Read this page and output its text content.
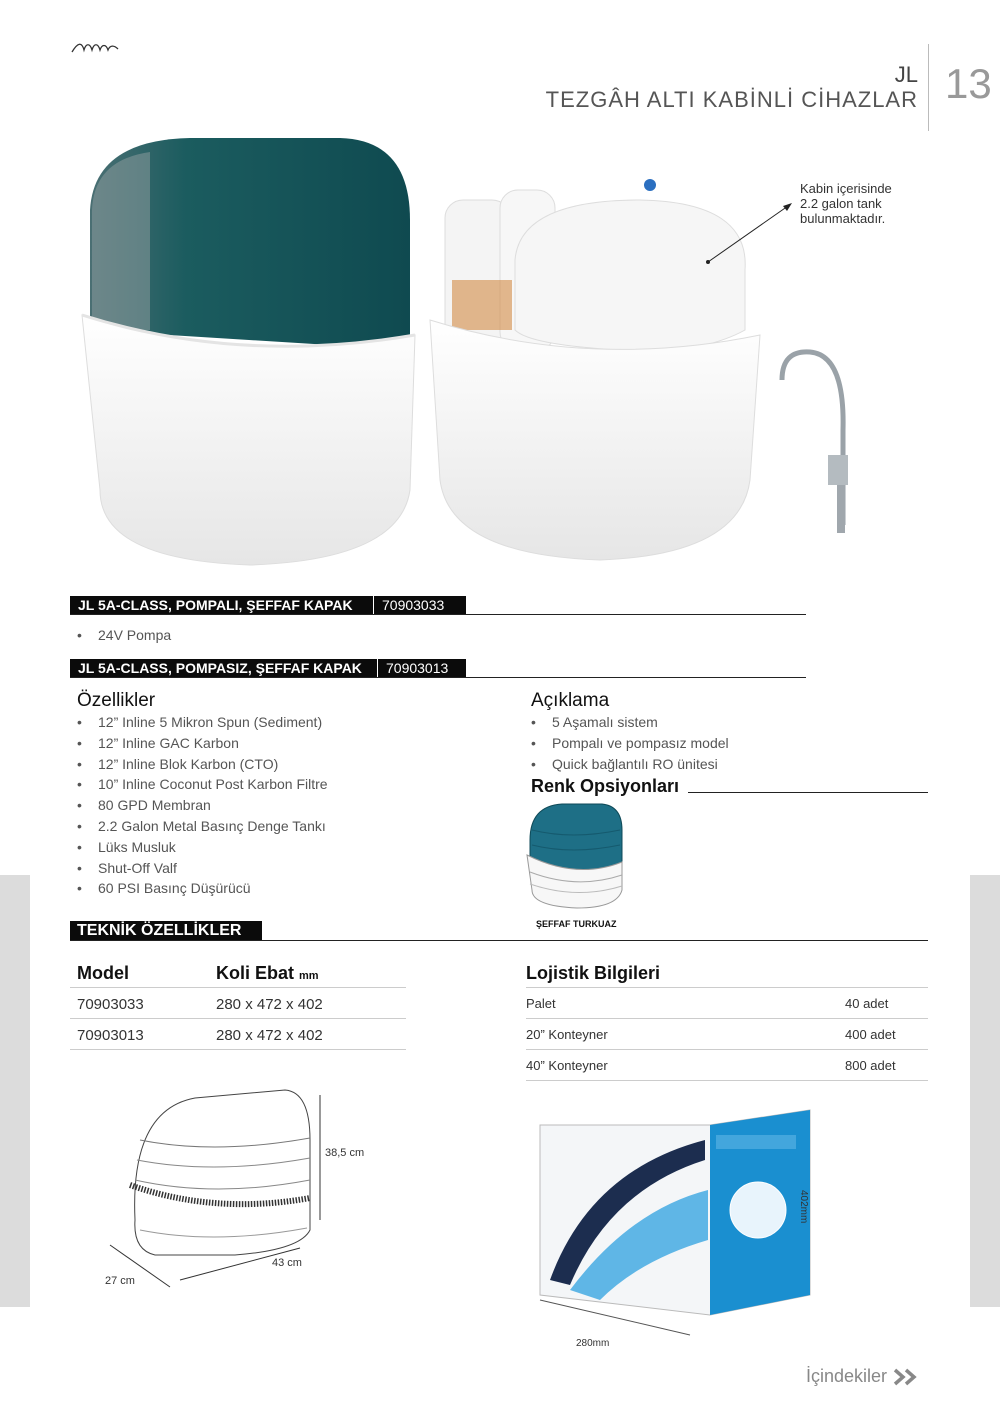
JL
TEZGÂH ALTI KABİNLİ CİHAZLAR 13
Kabin içerisinde
2.2 galon tank
bulunmaktadır.
JL 5A-CLASS, POMPALI, ŞEFFAF KAPAK	70903033
• 24V Pompa
JL 5A-CLASS, POMPASIZ, ŞEFFAF KAPAK	70903013
Özellikler
• 12” Inline 5 Mikron Spun (Sediment)
• 12” Inline GAC Karbon
• 12” Inline Blok Karbon (CTO)
• 10” Inline Coconut Post Karbon Filtre
• 80 GPD Membran
• 2.2 Galon Metal Basınç Denge Tankı
• Lüks Musluk
• Shut-Off Valf
• 60 PSI Basınç Düşürücü
Açıklama
• 5 Aşamalı sistem
• Pompalı ve pompasız model
• Quick bağlantılı RO ünitesi
Renk Opsiyonları
ŞEFFAF TURKUAZ
TEKNİK ÖZELLİKLER
Model	Koli Ebat mm
70903033	280 x 472 x 402
70903013	280 x 472 x 402
Lojistik Bilgileri
Palet	40 adet
20” Konteyner	400 adet
40” Konteyner	800 adet
38,5 cm
43 cm
27 cm
402mm
280mm
İçindekiler
